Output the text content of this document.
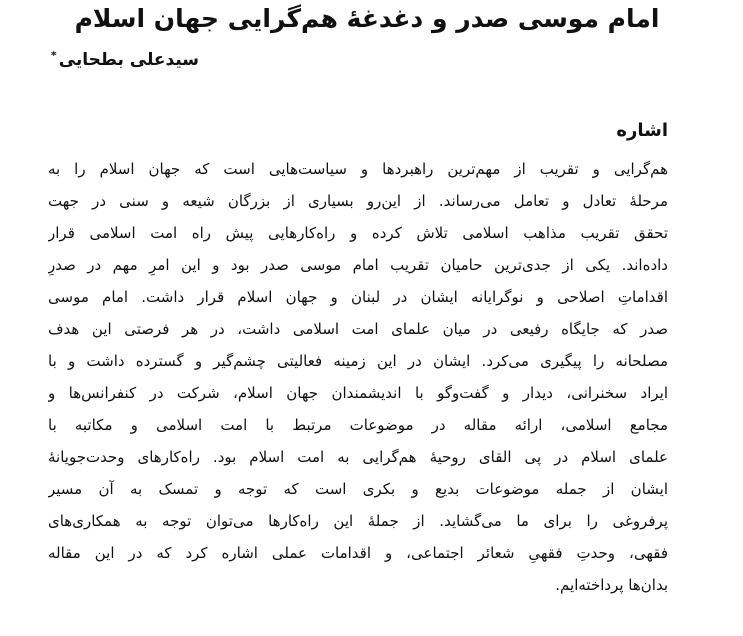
امام موسی صدر و دغدغۀ هم‌گرایی جهان اسلام
سیدعلی بطحایی*
اشاره
هم‌گرایی و تقریب از مهم‌ترین راهبردها و سیاست‌هایی است که جهان اسلام را به
مرحلۀ تعادل و تعامل می‌رساند. از این‌رو بسیاری از بزرگان شیعه و سنی در جهت
تحقق تقریب مذاهب اسلامی تلاش کرده و راه‌کارهایی پیش راه امت اسلامی قرار
داده‌اند. یکی از جدی‌ترین حامیان تقریب امام موسی صدر بود و این امرِ مهم در صدرِ
اقداماتِ اصلاحی و نوگرایانه ایشان در لبنان و جهان اسلام قرار داشت. امام موسی
صدر که جایگاه رفیعی در میان علمای امت اسلامی داشت، در هر فرصتی این هدف
مصلحانه را پیگیری می‌کرد. ایشان در این زمینه فعالیتی چشم‌گیر و گسترده داشت و با
ایراد سخنرانی، دیدار و گفت‌وگو با اندیشمندان جهان اسلام، شرکت در کنفرانس‌ها و
مجامع اسلامی، ارائه مقاله در موضوعات مرتبط با امت اسلامی و مکاتبه با
علمای اسلام در پی القای روحیۀ هم‌گرایی به امت اسلام بود. راه‌کارهای وحدت‌جویانۀ
ایشان از جمله موضوعات بدیع و بکری است که توجه و تمسک به آن مسیر
پرفروغی را برای ما می‌گشاید. از جملۀ این راه‌کارها می‌توان توجه به همکاری‌های
فقهی، وحدتِ فقهیِ شعائر اجتماعی، و اقدامات عملی اشاره کرد که در این مقاله
بدان‌ها پرداخته‌ایم.
